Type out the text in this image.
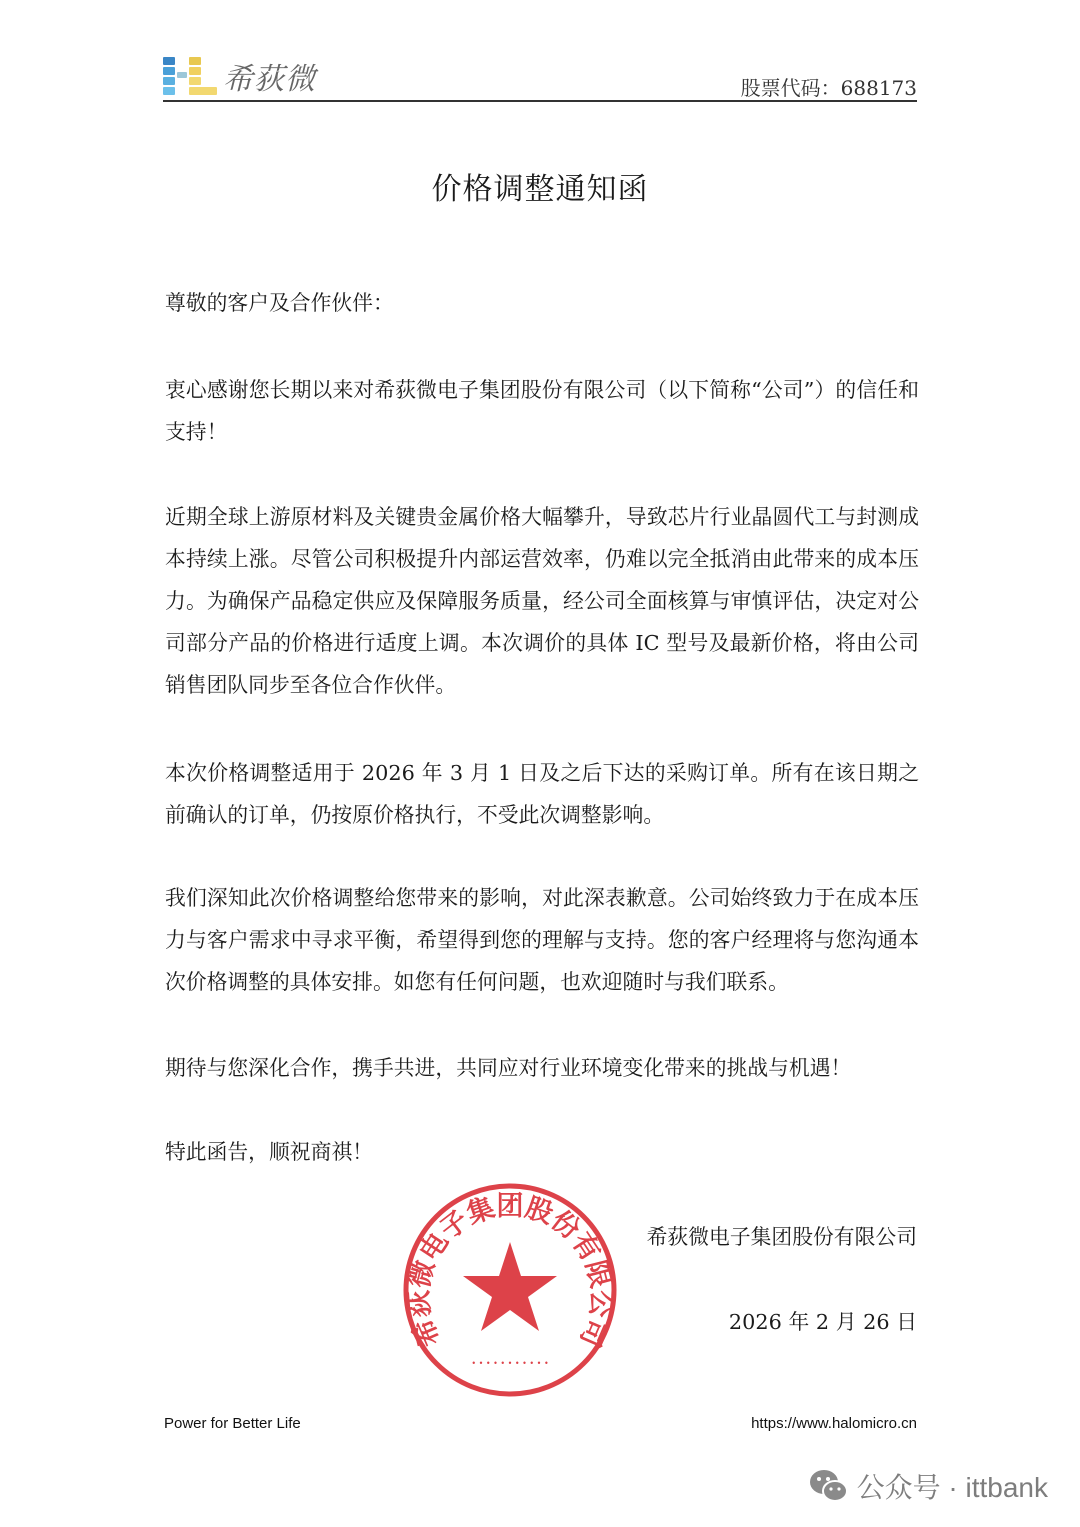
希荻微	股票代码：688173
价格调整通知函
尊敬的客户及合作伙伴：

衷心感谢您长期以来对希荻微电子集团股份有限公司（以下简称“公司”）的信任和支持！

近期全球上游原材料及关键贵金属价格大幅攀升，导致芯片行业晶圆代工与封测成本持续上涨。尽管公司积极提升内部运营效率，仍难以完全抵消由此带来的成本压力。为确保产品稳定供应及保障服务质量，经公司全面核算与审慎评估，决定对公司部分产品的价格进行适度上调。本次调价的具体 IC 型号及最新价格，将由公司销售团队同步至各位合作伙伴。

本次价格调整适用于 2026 年 3 月 1 日及之后下达的采购订单。所有在该日期之前确认的订单，仍按原价格执行，不受此次调整影响。

我们深知此次价格调整给您带来的影响，对此深表歉意。公司始终致力于在成本压力与客户需求中寻求平衡，希望得到您的理解与支持。您的客户经理将与您沟通本次价格调整的具体安排。如您有任何问题，也欢迎随时与我们联系。

期待与您深化合作，携手共进，共同应对行业环境变化带来的挑战与机遇！

特此函告，顺祝商祺！

希荻微电子集团股份有限公司
• • • • • • • • • • •
希荻微电子集团股份有限公司
2026 年 2 月 26 日
Power for Better Life	https://www.halomicro.cn
公众号 · ittbank
